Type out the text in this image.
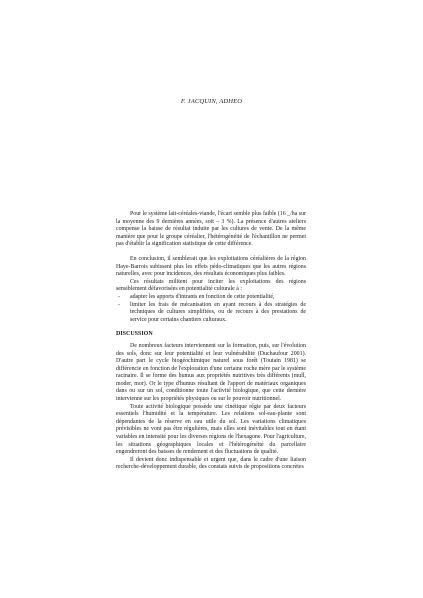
F. JACQUIN, ADHEO

Pour le système lait-céréales-viande, l'écart semble plus faible (16 _/ha sur la moyenne des 9 dernières années, soit – 3 %). La présence d'autres ateliers compense la baisse de résultat induite par les cultures de vente. De la même manière que pour le groupe céréalier, l'hétérogénéité de l'échantillon ne permet pas d'établir la signification statistique de cette différence.

En conclusion, il semblerait que les exploitations céréalières de la région Haye-Barrois subissent plus les effets pédo-climatiques que les autres régions naturelles, avec pour incidences, des résultats économiques plus faibles.

Ces résultats militent pour inciter les exploitations des régions sensiblement défavorisées en potentialité culturale à :

- adapter les apports d'intrants en fonction de cette potentialité,
- limiter les frais de mécanisation en ayant recours à des stratégies de techniques de cultures simplifiées, ou de recours à des prestations de service pour certains chantiers culturaux.

DISCUSSION

De nombreux facteurs interviennent sur la formation, puis, sur l'évolution des sols, donc sur leur potentialité et leur vulnérabilité (Duchaufour 2001). D'autre part le cycle biogéochimique naturel sous forêt (Toutain 1981) se différencie en fonction de l'exploration d'une certaine roche mère par le système racinaire. Il se forme des humus aux propriétés nutritives très différents (mull, moder, mor). Or le type d'humus résultant de l'apport de matériaux organiques dans ou sur un sol, conditionne toute l'activité biologique, que cette dernière intervienne sur les propriétés physiques ou sur le pouvoir nutritionnel.

Toute activité biologique possède une cinétique régie par deux facteurs essentiels l'humidité et la température. Les relations sol-eau-plante sont dépendantes de la réserve en eau utile du sol. Les variations climatiques prévisibles ne vont pas être régulières, mais elles sont inévitables tout en étant variables en intensité pour les diverses régions de l'hexagone. Pour l'agriculture, les situations géographiques locales et l'hétérogénéité du parcellaire engendreront des baisses de rendement et des fluctuations de qualité.

Il devient donc indispensable et urgent que, dans le cadre d'une liaison recherche-développement durable, des constats suivis de propositions concrètes
